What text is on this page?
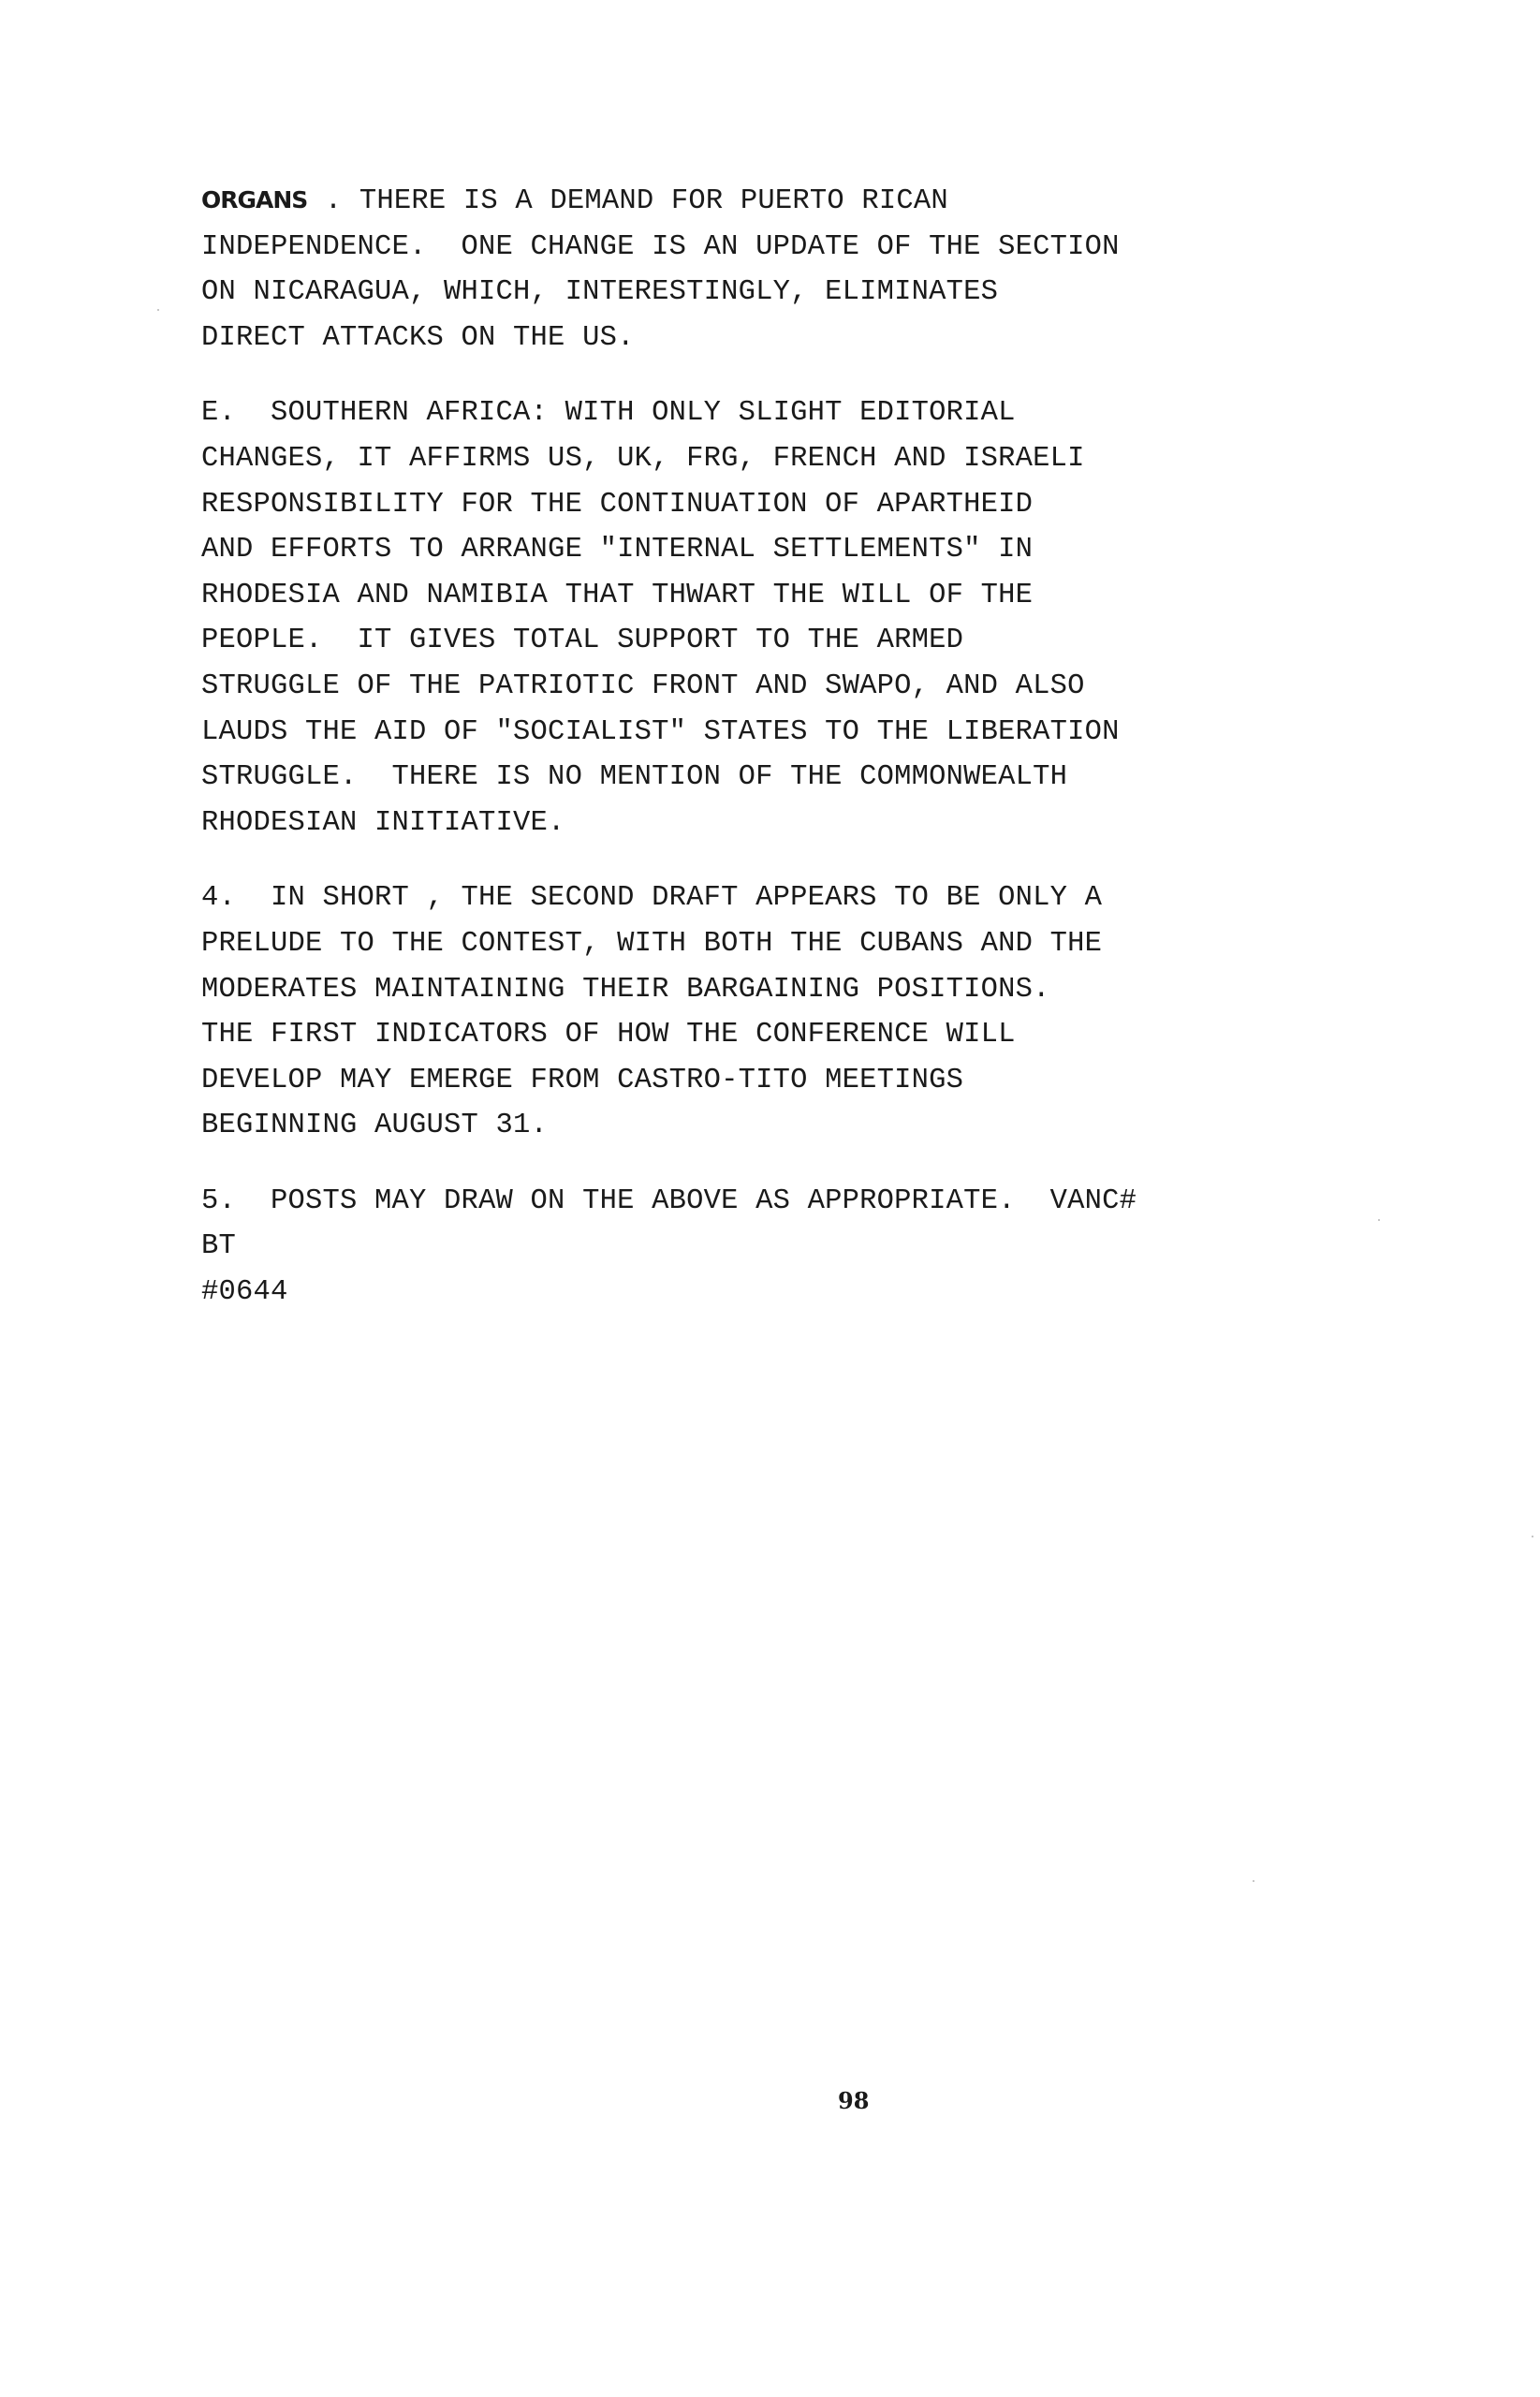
ORGANS . THERE IS A DEMAND FOR PUERTO RICAN
INDEPENDENCE.  ONE CHANGE IS AN UPDATE OF THE SECTION
ON NICARAGUA, WHICH, INTERESTINGLY, ELIMINATES
DIRECT ATTACKS ON THE US.
E.  SOUTHERN AFRICA: WITH ONLY SLIGHT EDITORIAL
CHANGES, IT AFFIRMS US, UK, FRG, FRENCH AND ISRAELI
RESPONSIBILITY FOR THE CONTINUATION OF APARTHEID
AND EFFORTS TO ARRANGE "INTERNAL SETTLEMENTS" IN
RHODESIA AND NAMIBIA THAT THWART THE WILL OF THE
PEOPLE.  IT GIVES TOTAL SUPPORT TO THE ARMED
STRUGGLE OF THE PATRIOTIC FRONT AND SWAPO, AND ALSO
LAUDS THE AID OF "SOCIALIST" STATES TO THE LIBERATION
STRUGGLE.  THERE IS NO MENTION OF THE COMMONWEALTH
RHODESIAN INITIATIVE.
4.  IN SHORT , THE SECOND DRAFT APPEARS TO BE ONLY A
PRELUDE TO THE CONTEST, WITH BOTH THE CUBANS AND THE
MODERATES MAINTAINING THEIR BARGAINING POSITIONS.
THE FIRST INDICATORS OF HOW THE CONFERENCE WILL
DEVELOP MAY EMERGE FROM CASTRO-TITO MEETINGS
BEGINNING AUGUST 31.
5.  POSTS MAY DRAW ON THE ABOVE AS APPROPRIATE.  VANC#
BT
#0644
98
